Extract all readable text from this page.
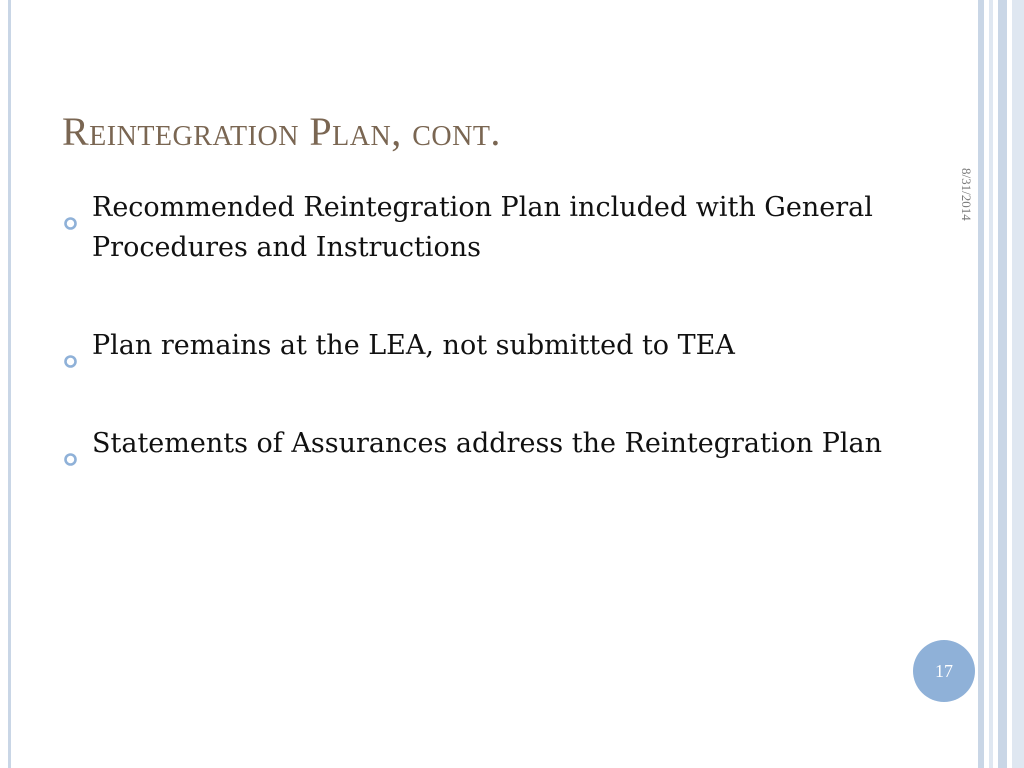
Reintegration Plan, cont.
8/31/2014
Recommended Reintegration Plan included with General Procedures and Instructions
Plan remains at the LEA, not submitted to TEA
Statements of Assurances address the Reintegration Plan
17
